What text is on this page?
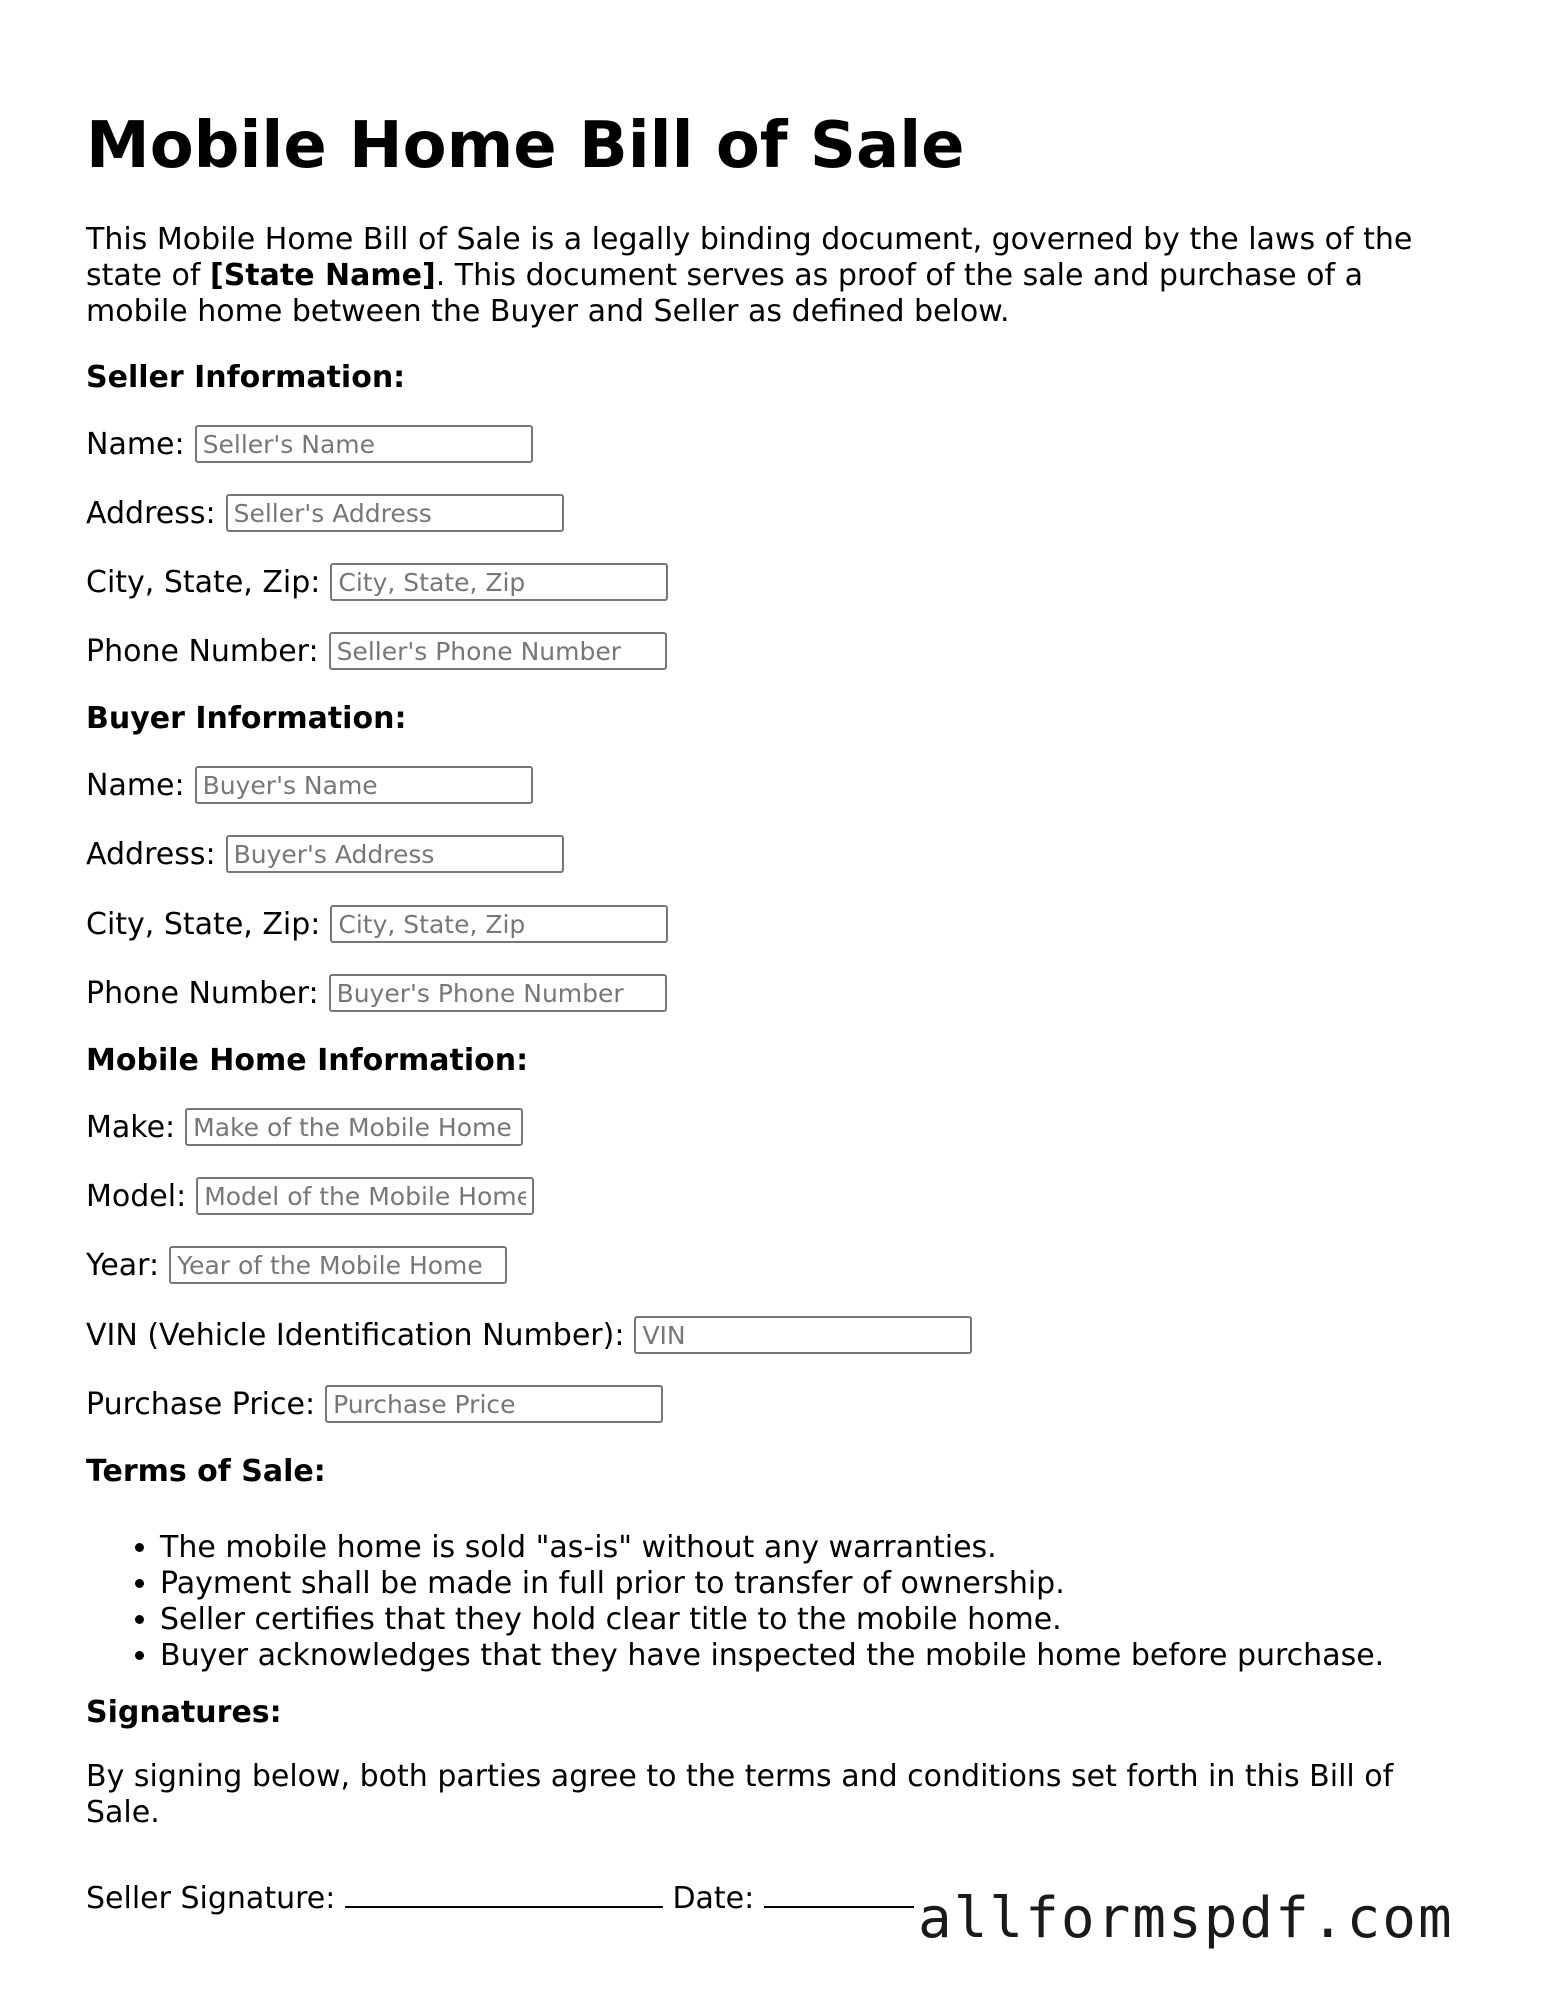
Mobile Home Bill of Sale

This Mobile Home Bill of Sale is a legally binding document, governed by the laws of the state of [State Name]. This document serves as proof of the sale and purchase of a mobile home between the Buyer and Seller as defined below.

Seller Information:
Name:
Seller's Name
Address:
Seller's Address
City, State, Zip:
City, State, Zip
Phone Number:
Seller's Phone Number
Buyer Information:
Name:
Buyer's Name
Address:
Buyer's Address
City, State, Zip:
City, State, Zip
Phone Number:
Buyer's Phone Number
Mobile Home Information:
Make:
Make of the Mobile Home
Model:
Model of the Mobile Home
Year:
Year of the Mobile Home
VIN (Vehicle Identification Number):
VIN
Purchase Price:
Purchase Price
Terms of Sale:
• The mobile home is sold "as-is" without any warranties.
• Payment shall be made in full prior to transfer of ownership.
• Seller certifies that they hold clear title to the mobile home.
• Buyer acknowledges that they have inspected the mobile home before purchase.
Signatures:

By signing below, both parties agree to the terms and conditions set forth in this Bill of Sale.

Seller Signature:	Date:	allformspdf.com
